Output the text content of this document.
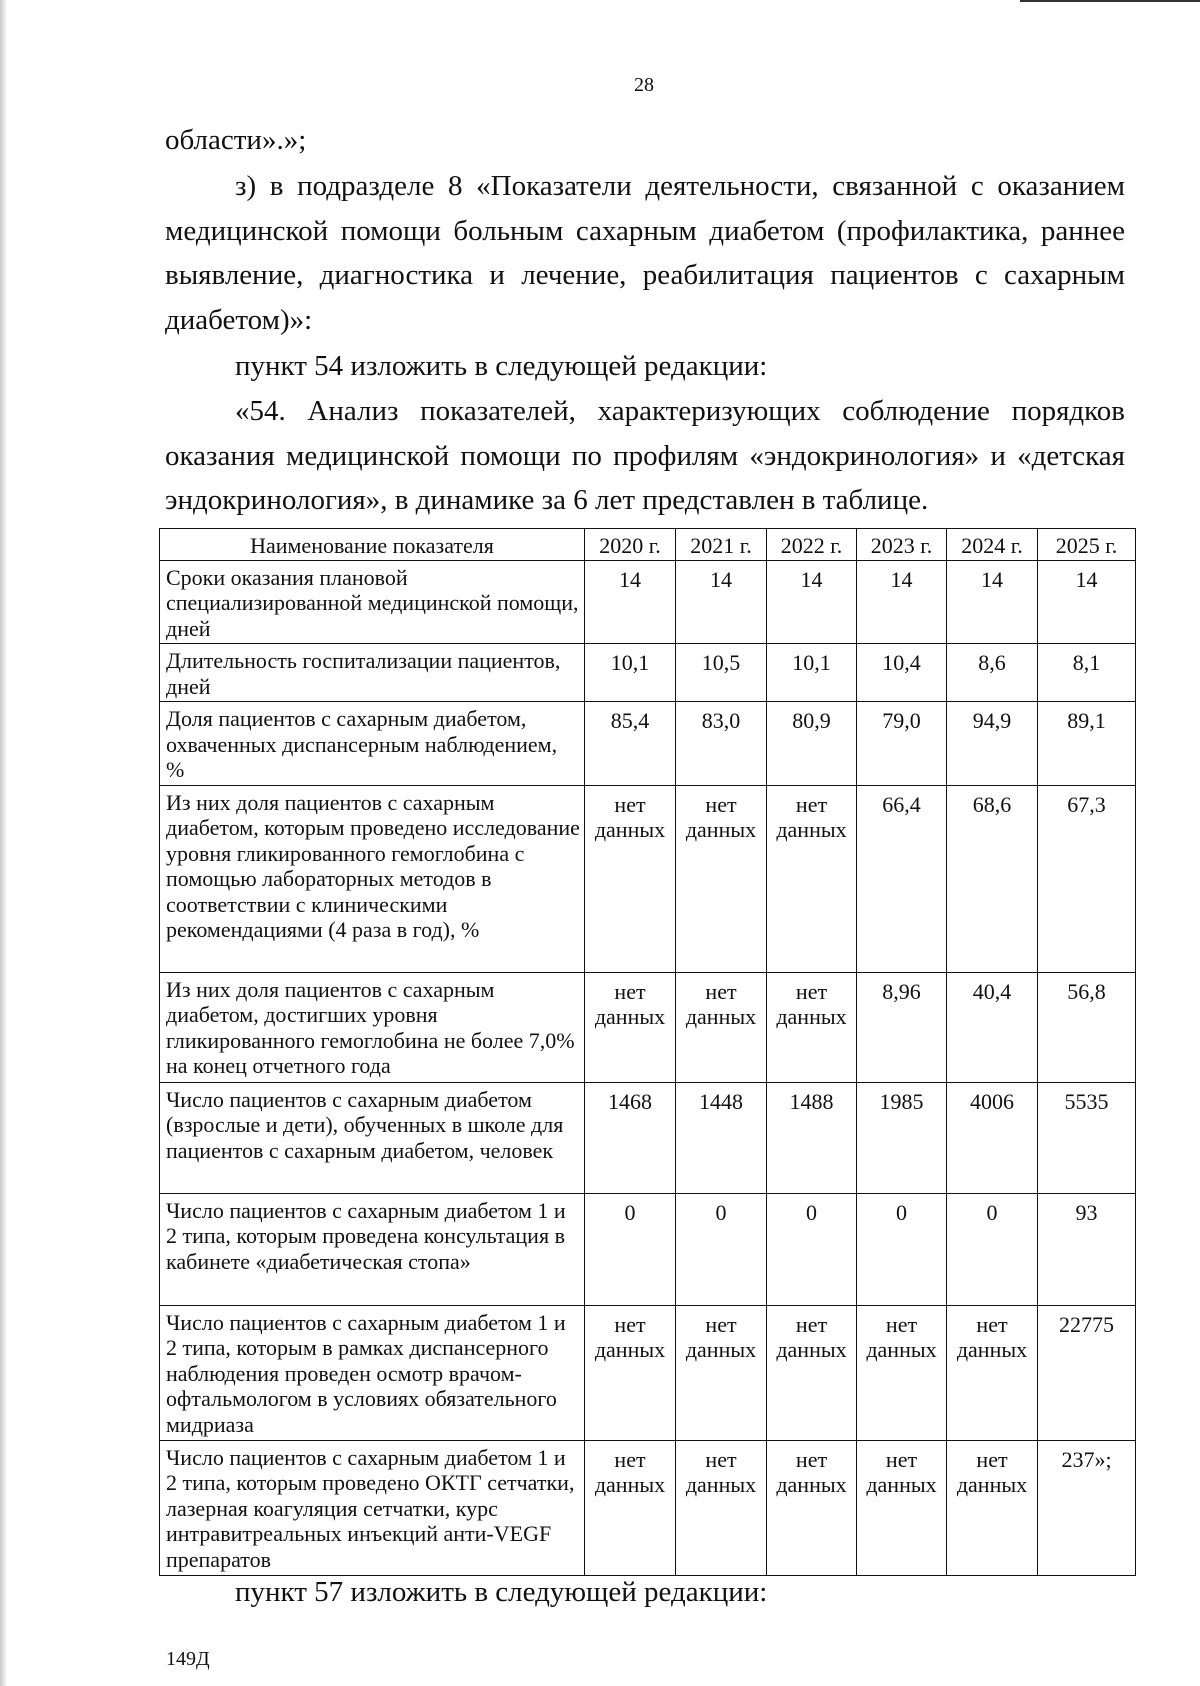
28

области».»;

з) в подразделе 8 «Показатели деятельности, связанной с оказанием медицинской помощи больным сахарным диабетом (профилактика, раннее выявление, диагностика и лечение, реабилитация пациентов с сахарным диабетом)»:

пункт 54 изложить в следующей редакции:

«54. Анализ показателей, характеризующих соблюдение порядков оказания медицинской помощи по профилям «эндокринология» и «детская эндокринология», в динамике за 6 лет представлен в таблице.

Наименование показателя	2020 г.	2021 г.	2022 г.	2023 г.	2024 г.	2025 г.
Сроки оказания плановой специализированной медицинской помощи, дней	14	14	14	14	14	14
Длительность госпитализации пациентов, дней	10,1	10,5	10,1	10,4	8,6	8,1
Доля пациентов с сахарным диабетом, охваченных диспансерным наблюдением, %	85,4	83,0	80,9	79,0	94,9	89,1
Из них доля пациентов с сахарным диабетом, которым проведено исследование уровня гликированного гемоглобина с помощью лабораторных методов в соответствии с клиническими рекомендациями (4 раза в год), %	нет данных	нет данных	нет данных	66,4	68,6	67,3
Из них доля пациентов с сахарным диабетом, достигших уровня гликированного гемоглобина не более 7,0% на конец отчетного года	нет данных	нет данных	нет данных	8,96	40,4	56,8
Число пациентов с сахарным диабетом (взрослые и дети), обученных в школе для пациентов с сахарным диабетом, человек	1468	1448	1488	1985	4006	5535
Число пациентов с сахарным диабетом 1 и 2 типа, которым проведена консультация в кабинете «диабетическая стопа»	0	0	0	0	0	93
Число пациентов с сахарным диабетом 1 и 2 типа, которым в рамках диспансерного наблюдения проведен осмотр врачом-офтальмологом в условиях обязательного мидриаза	нет данных	нет данных	нет данных	нет данных	нет данных	22775
Число пациентов с сахарным диабетом 1 и 2 типа, которым проведено ОКТГ сетчатки, лазерная коагуляция сетчатки, курс интравитреальных инъекций анти-VEGF препаратов	нет данных	нет данных	нет данных	нет данных	нет данных	237»;

пункт 57 изложить в следующей редакции:

149Д
